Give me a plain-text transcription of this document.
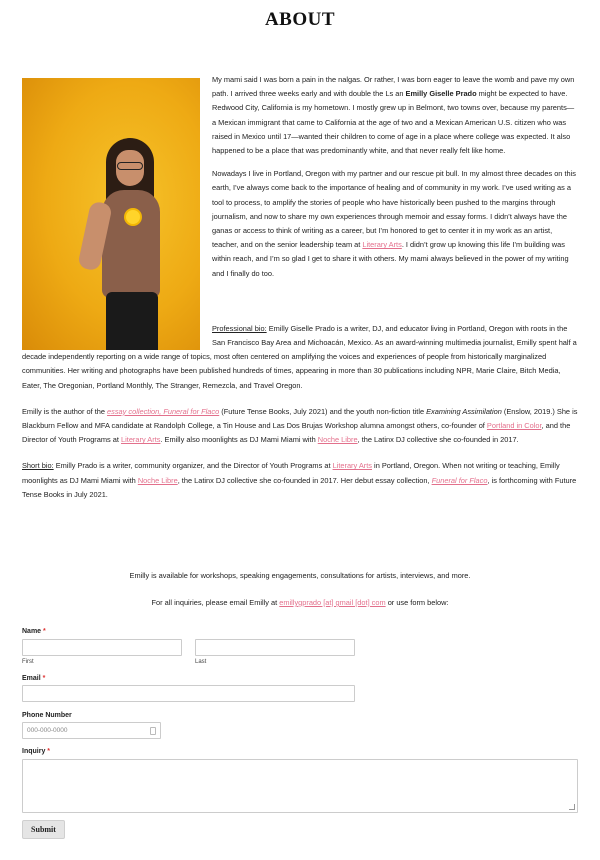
ABOUT

My mami said I was born a pain in the nalgas. Or rather, I was born eager to leave the womb and pave my own path. I arrived three weeks early and with double the Ls an Emilly Giselle Prado might be expected to have. Redwood City, California is my hometown. I mostly grew up in Belmont, two towns over, because my parents—a Mexican immigrant that came to California at the age of two and a Mexican American U.S. citizen who was raised in Mexico until 17—wanted their children to come of age in a place where college was expected. It also happened to be a place that was predominantly white, and that never really felt like home.

Nowadays I live in Portland, Oregon with my partner and our rescue pit bull. In my almost three decades on this earth, I’ve always come back to the importance of healing and of community in my work. I’ve used writing as a tool to process, to amplify the stories of people who have historically been pushed to the margins through journalism, and now to share my own experiences through memoir and essay forms. I didn’t always have the ganas or access to think of writing as a career, but I’m honored to get to center it in my work as an artist, teacher, and on the senior leadership team at Literary Arts. I didn’t grow up knowing this life I’m building was within reach, and I’m so glad I get to share it with others. My mami always believed in the power of my writing and I finally do too.

Professional bio: Emilly Giselle Prado is a writer, DJ, and educator living in Portland, Oregon with roots in the San Francisco Bay Area and Michoacán, Mexico. As an award-winning multimedia journalist, Emilly spent half a decade independently reporting on a wide range of topics, most often centered on amplifying the voices and experiences of people from historically marginalized communities. Her writing and photographs have been published hundreds of times, appearing in more than 30 publications including NPR, Marie Claire, Bitch Media, Eater, The Oregonian, Portland Monthly, The Stranger, Remezcla, and Travel Oregon.

Emilly is the author of the essay collection, Funeral for Flaco (Future Tense Books, July 2021) and the youth non-fiction title Examining Assimilation (Enslow, 2019.) She is Blackburn Fellow and MFA candidate at Randolph College, a Tin House and Las Dos Brujas Workshop alumna amongst others, co-founder of Portland in Color, and the Director of Youth Programs at Literary Arts. Emilly also moonlights as DJ Mami Miami with Noche Libre, the Latinx DJ collective she co-founded in 2017.

Short bio: Emilly Prado is a writer, community organizer, and the Director of Youth Programs at Literary Arts in Portland, Oregon. When not writing or teaching, Emilly moonlights as DJ Mami Miami with Noche Libre, the Latinx DJ collective she co-founded in 2017. Her debut essay collection, Funeral for Flaco, is forthcoming with Future Tense Books in July 2021.

Emilly is available for workshops, speaking engagements, consultations for artists, interviews, and more.
For all inquiries, please email Emilly at emillygprado [at] gmail [dot] com or use form below:
Name *
First	Last
Email *
Phone Number
000-000-0000
Inquiry *
Submit
